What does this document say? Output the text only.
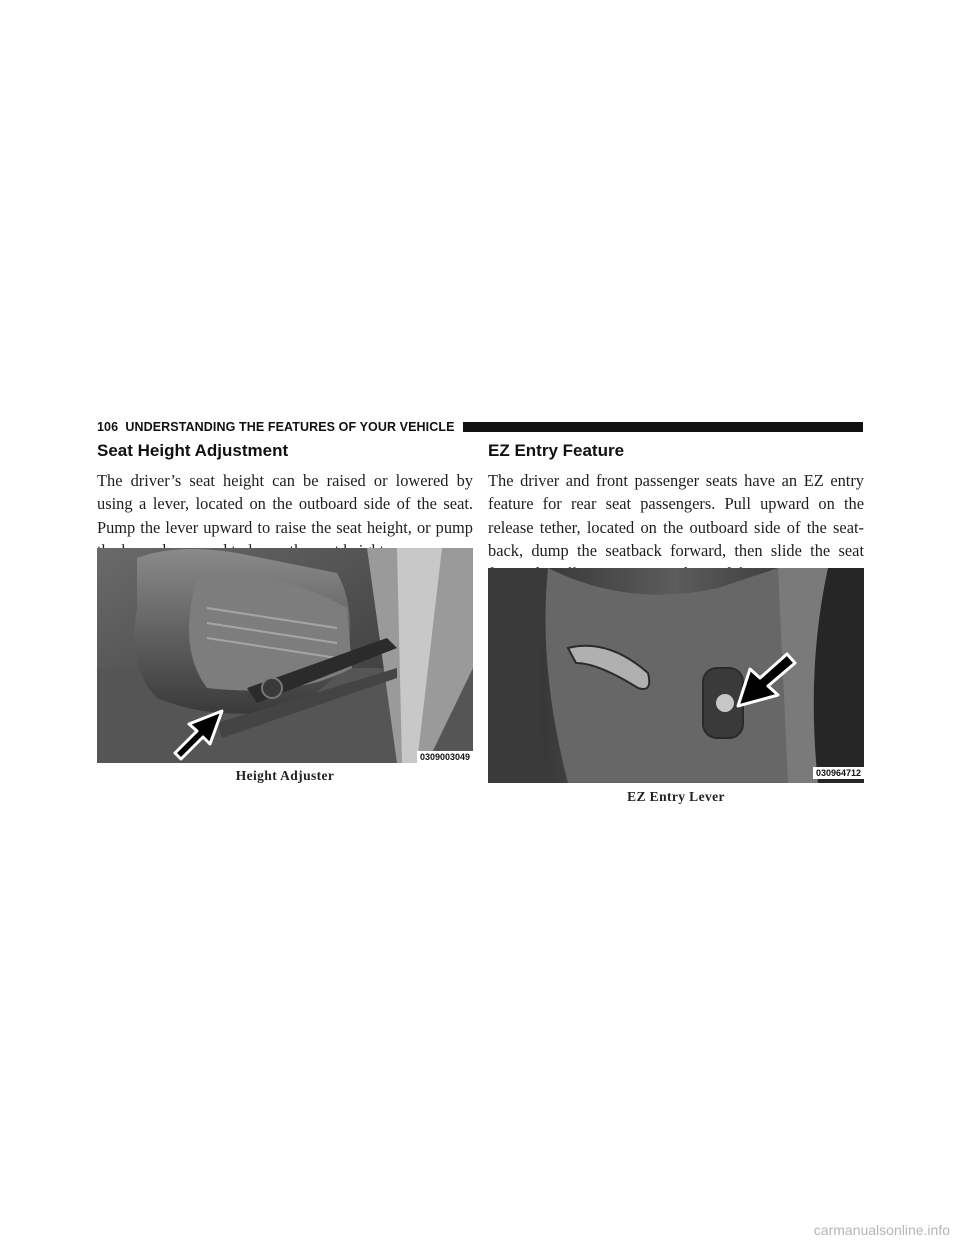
106 UNDERSTANDING THE FEATURES OF YOUR VEHICLE
Seat Height Adjustment

The driver’s seat height can be raised or lowered by using a lever, located on the outboard side of the seat. Pump the lever upward to raise the seat height, or pump

EZ Entry Feature

The driver and front passenger seats have an EZ entry feature for rear seat passengers. Pull upward on the release tether, located on the outboard side of the seat-back, dump the seatback forward, then slide the seat

0309003049
Height Adjuster	030964712
EZ Entry Lever
carmanualsonline.info
